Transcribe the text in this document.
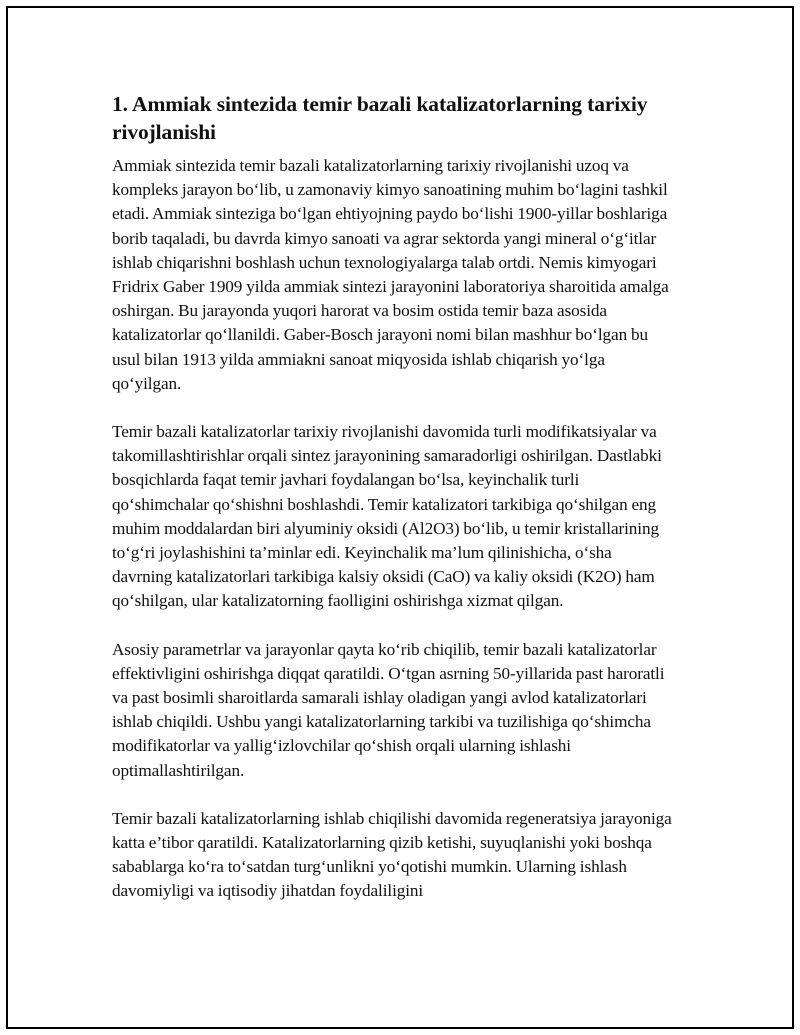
1. Ammiak sintezida temir bazali katalizatorlarning tarixiy rivojlanishi

Ammiak sintezida temir bazali katalizatorlarning tarixiy rivojlanishi uzoq va kompleks jarayon bo‘lib, u zamonaviy kimyo sanoatining muhim bo‘lagini tashkil etadi. Ammiak sinteziga bo‘lgan ehtiyojning paydo bo‘lishi 1900-yillar boshlariga borib taqaladi, bu davrda kimyo sanoati va agrar sektorda yangi mineral o‘g‘itlar ishlab chiqarishni boshlash uchun texnologiyalarga talab ortdi. Nemis kimyogari Fridrix Gaber 1909 yilda ammiak sintezi jarayonini laboratoriya sharoitida amalga oshirgan. Bu jarayonda yuqori harorat va bosim ostida temir baza asosida katalizatorlar qo‘llanildi. Gaber-Bosch jarayoni nomi bilan mashhur bo‘lgan bu usul bilan 1913 yilda ammiakni sanoat miqyosida ishlab chiqarish yo‘lga qo‘yilgan.

Temir bazali katalizatorlar tarixiy rivojlanishi davomida turli modifikatsiyalar va takomillashtirishlar orqali sintez jarayonining samaradorligi oshirilgan. Dastlabki bosqichlarda faqat temir javhari foydalangan bo‘lsa, keyinchalik turli qo‘shimchalar qo‘shishni boshlashdi. Temir katalizatori tarkibiga qo‘shilgan eng muhim moddalardan biri alyuminiy oksidi (Al2O3) bo‘lib, u temir kristallarining to‘g‘ri joylashishini ta’minlar edi. Keyinchalik ma’lum qilinishicha, o‘sha davrning katalizatorlari tarkibiga kalsiy oksidi (CaO) va kaliy oksidi (K2O) ham qo‘shilgan, ular katalizatorning faolligini oshirishga xizmat qilgan.

Asosiy parametrlar va jarayonlar qayta ko‘rib chiqilib, temir bazali katalizatorlar effektivligini oshirishga diqqat qaratildi. O‘tgan asrning 50-yillarida past haroratli va past bosimli sharoitlarda samarali ishlay oladigan yangi avlod katalizatorlari ishlab chiqildi. Ushbu yangi katalizatorlarning tarkibi va tuzilishiga qo‘shimcha modifikatorlar va yallig‘izlovchilar qo‘shish orqali ularning ishlashi optimallashtirilgan.

Temir bazali katalizatorlarning ishlab chiqilishi davomida regeneratsiya jarayoniga katta e’tibor qaratildi. Katalizatorlarning qizib ketishi, suyuqlanishi yoki boshqa sabablarga ko‘ra to‘satdan turg‘unlikni yo‘qotishi mumkin. Ularning ishlash davomiyligi va iqtisodiy jihatdan foydaliligini
